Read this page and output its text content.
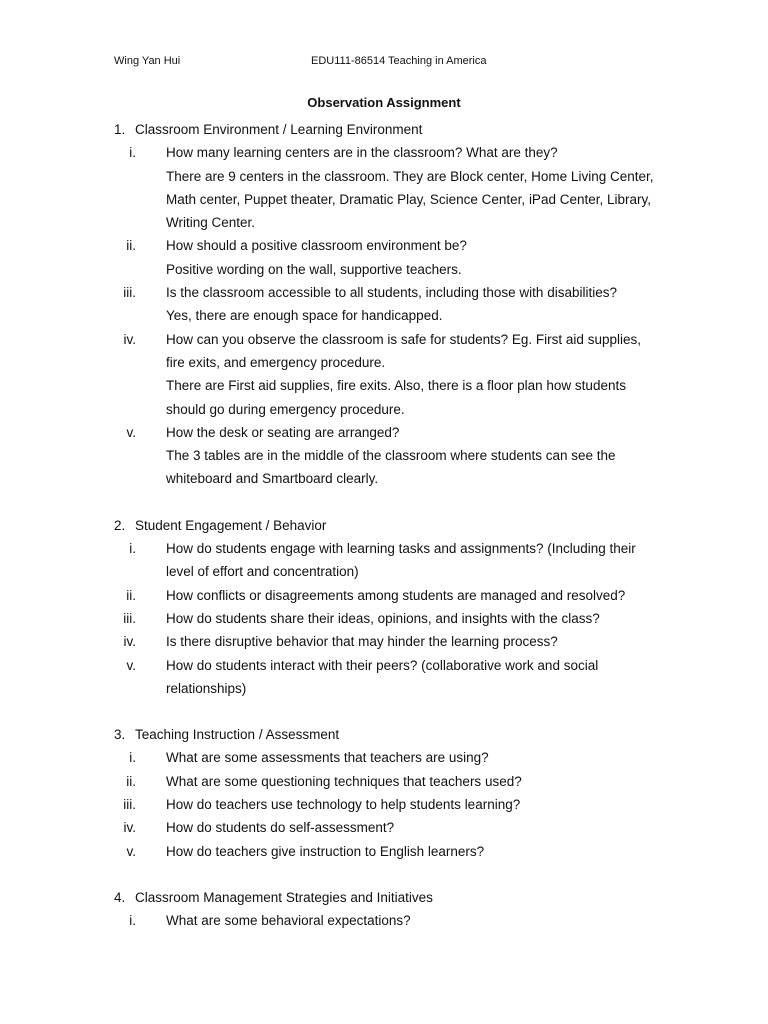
Wing Yan Hui	EDU111-86514 Teaching in America
Observation Assignment
1. Classroom Environment / Learning Environment
i. How many learning centers are in the classroom? What are they?
There are 9 centers in the classroom. They are Block center, Home Living Center, Math center, Puppet theater, Dramatic Play, Science Center, iPad Center, Library, Writing Center.
ii. How should a positive classroom environment be?
Positive wording on the wall, supportive teachers.
iii. Is the classroom accessible to all students, including those with disabilities?
Yes, there are enough space for handicapped.
iv. How can you observe the classroom is safe for students? Eg. First aid supplies, fire exits, and emergency procedure.
There are First aid supplies, fire exits. Also, there is a floor plan how students should go during emergency procedure.
v. How the desk or seating are arranged?
The 3 tables are in the middle of the classroom where students can see the whiteboard and Smartboard clearly.
2. Student Engagement / Behavior
i. How do students engage with learning tasks and assignments? (Including their level of effort and concentration)
ii. How conflicts or disagreements among students are managed and resolved?
iii. How do students share their ideas, opinions, and insights with the class?
iv. Is there disruptive behavior that may hinder the learning process?
v. How do students interact with their peers? (collaborative work and social relationships)
3. Teaching Instruction / Assessment
i. What are some assessments that teachers are using?
ii. What are some questioning techniques that teachers used?
iii. How do teachers use technology to help students learning?
iv. How do students do self-assessment?
v. How do teachers give instruction to English learners?
4. Classroom Management Strategies and Initiatives
i. What are some behavioral expectations?
